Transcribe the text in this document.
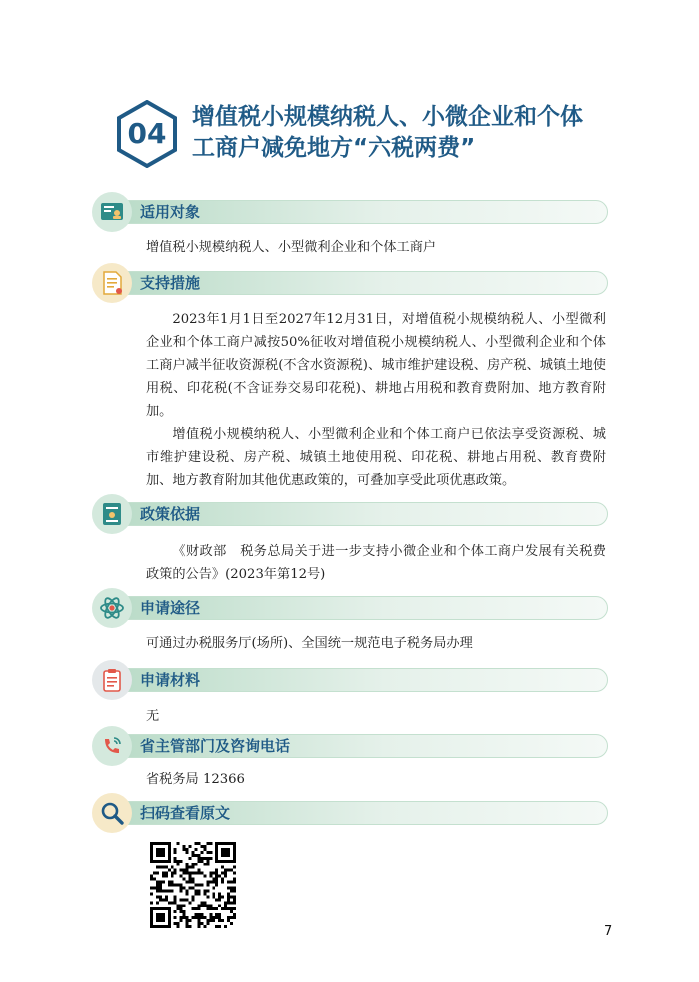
04	增值税小规模纳税人、小微企业和个体
工商户减免地方“六税两费”
适用对象
增值税小规模纳税人、小型微利企业和个体工商户
支持措施

2023年1月1日至2027年12月31日，对增值税小规模纳税人、小型微利企业和个体工商户减按50%征收对增值税小规模纳税人、小型微利企业和个体工商户减半征收资源税(不含水资源税)、城市维护建设税、房产税、城镇土地使用税、印花税(不含证券交易印花税)、耕地占用税和教育费附加、地方教育附加。

增值税小规模纳税人、小型微利企业和个体工商户已依法享受资源税、城市维护建设税、房产税、城镇土地使用税、印花税、耕地占用税、教育费附加、地方教育附加其他优惠政策的，可叠加享受此项优惠政策。

政策依据
《财政部　税务总局关于进一步支持小微企业和个体工商户发展有关税费政策的公告》(2023年第12号)
申请途径
可通过办税服务厅(场所)、全国统一规范电子税务局办理
申请材料
无
省主管部门及咨询电话
省税务局 12366
扫码查看原文
7
